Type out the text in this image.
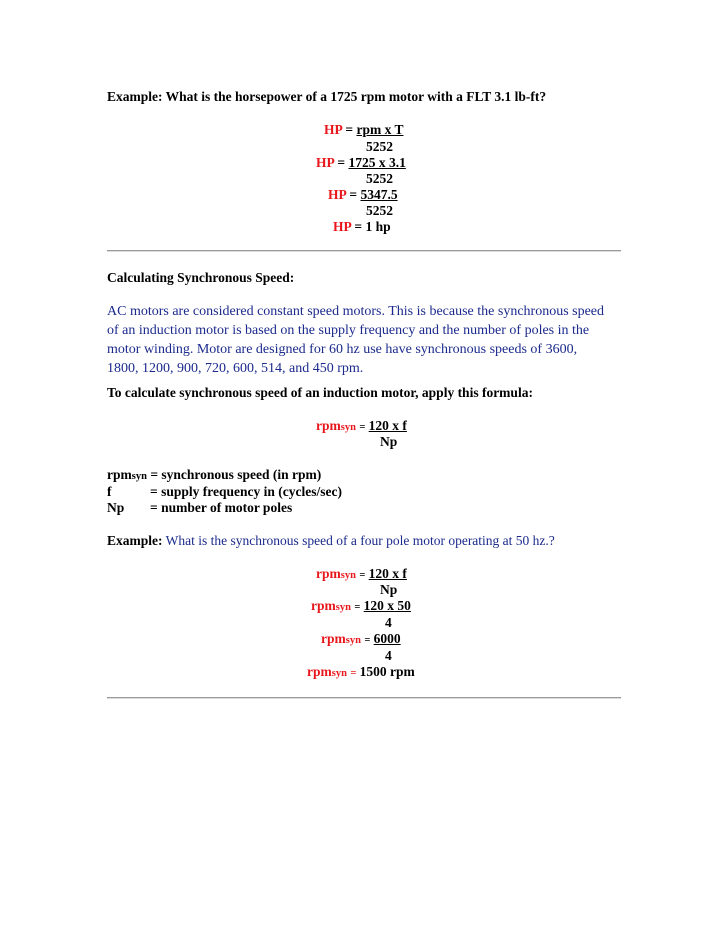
Example: What is the horsepower of a 1725 rpm motor with a FLT 3.1 lb-ft?
HP = rpm x T
5252
HP = 1725 x 3.1
5252
HP = 5347.5
5252
HP = 1 hp
Calculating Synchronous Speed:
AC motors are considered constant speed motors. This is because the synchronous speed
of an induction motor is based on the supply frequency and the number of poles in the
motor winding. Motor are designed for 60 hz use have synchronous speeds of 3600,
1800, 1200, 900, 720, 600, 514, and 450 rpm.
To calculate synchronous speed of an induction motor, apply this formula:
rpmsyn = 120 x f
Np
rpmsyn = synchronous speed (in rpm)
f	= supply frequency in (cycles/sec)
Np = number of motor poles
Example: What is the synchronous speed of a four pole motor operating at 50 hz.?
rpmsyn = 120 x f
Np
rpmsyn = 120 x 50
4
rpmsyn = 6000
4
rpmsyn = 1500 rpm
